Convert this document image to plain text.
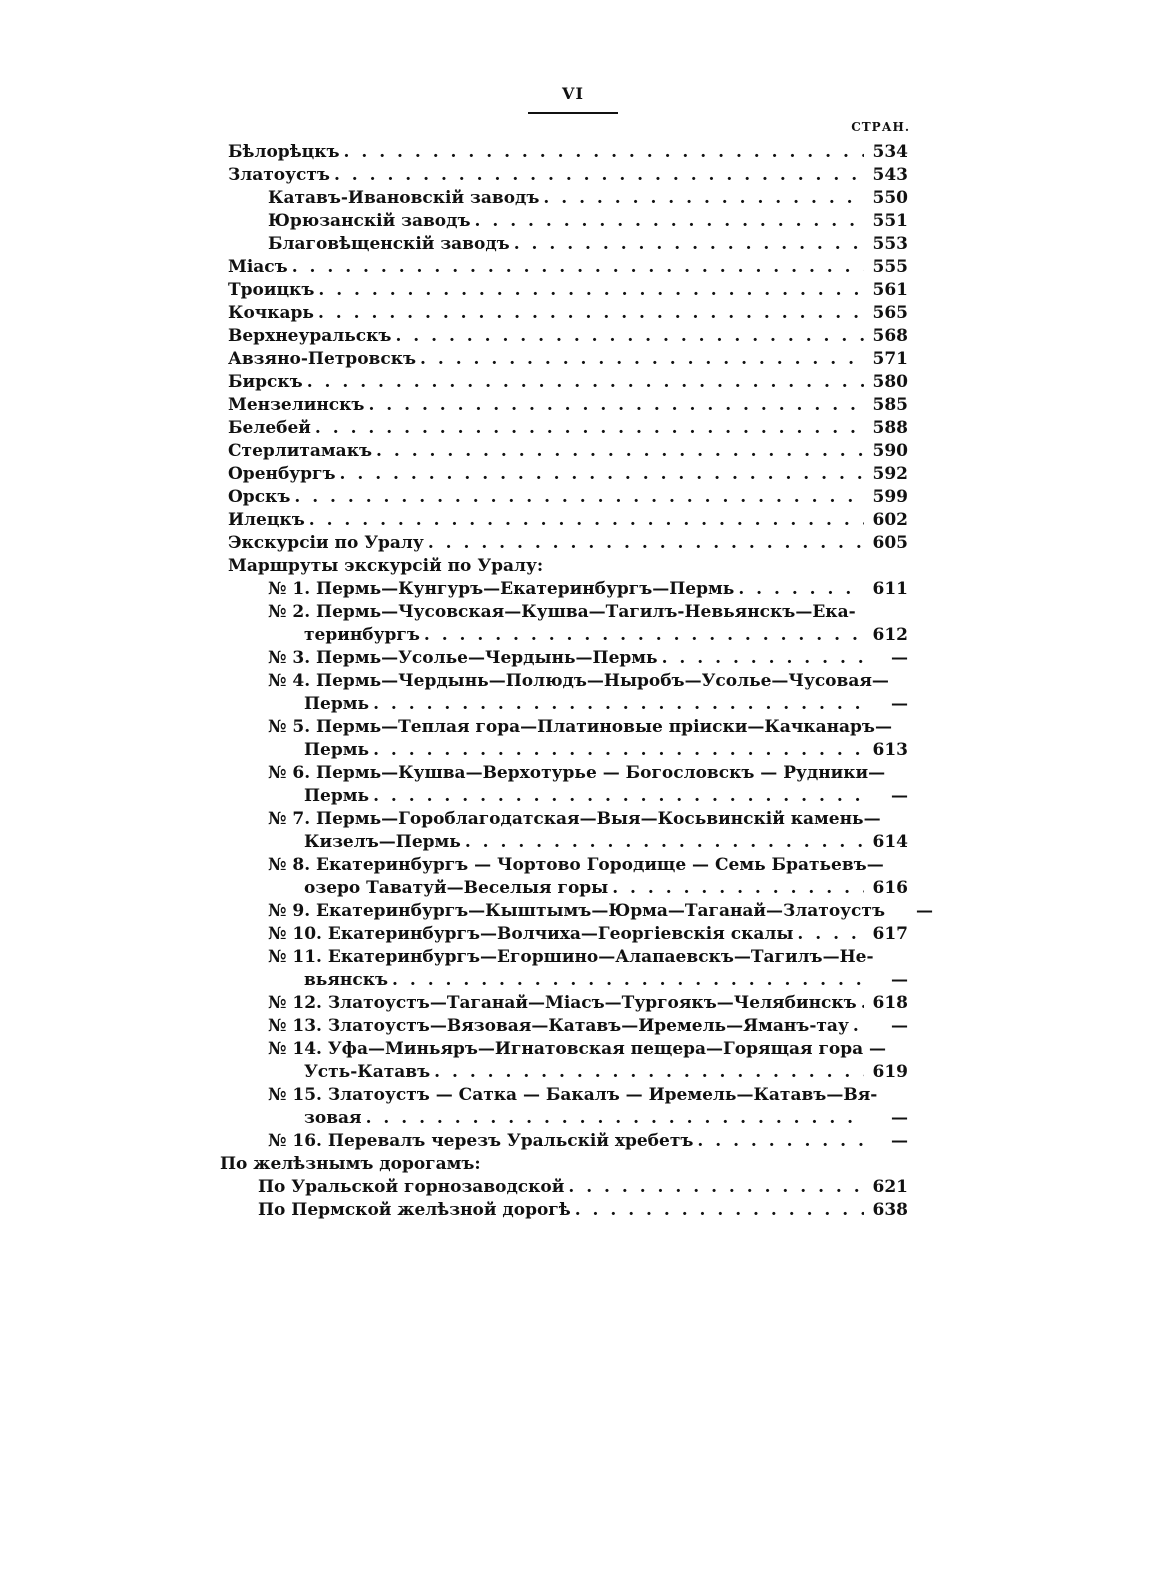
VI
СТРАН.
Бѣлорѣцкъ . . .	534
Златоустъ . . .	543
Катавъ-Ивановскій заводъ . . .	550
Юрюзанскій заводъ . . .	551
Благовѣщенскій заводъ . . .	553
Міасъ . . .	555
Троицкъ . . .	561
Кочкарь . . .	565
Верхнеуральскъ . . .	568
Авзяно-Петровскъ . . .	571
Бирскъ . . .	580
Мензелинскъ . . .	585
Белебей . . .	588
Стерлитамакъ . . .	590
Оренбургъ . . .	592
Орскъ . . .	599
Илецкъ . . .	602
Экскурсіи по Уралу . . .	605
Маршруты экскурсій по Уралу:
№ 1. Пермь—Кунгуръ—Екатеринбургъ—Пермь . . .	611
№ 2. Пермь—Чусовская—Кушва—Тагилъ-Невьянскъ—Ека-
теринбургъ . . .	612
№ 3. Пермь—Усолье—Чердынь—Пермь . . .	—
№ 4. Пермь—Чердынь—Полюдъ—Ныробъ—Усолье—Чусовая—
Пермь . . .	—
№ 5. Пермь—Теплая гора—Платиновые пріиски—Качканаръ—
Пермь . . .	613
№ 6. Пермь—Кушва—Верхотурье — Богословскъ — Рудники—
Пермь . . .	—
№ 7. Пермь—Гороблагодатская—Выя—Косьвинскій камень—
Кизелъ—Пермь . . .	614
№ 8. Екатеринбургъ — Чортово Городище — Семь Братьевъ—
озеро Таватуй—Веселыя горы . . .	616
№ 9. Екатеринбургъ—Кыштымъ—Юрма—Таганай—Златоустъ	—
№ 10. Екатеринбургъ—Волчиха—Георгіевскія скалы . . .	617
№ 11. Екатеринбургъ—Егоршино—Алапаевскъ—Тагилъ—Не-
вьянскъ . . .	—
№ 12. Златоустъ—Таганай—Міасъ—Тургоякъ—Челябинскъ . . . 618
№ 13. Златоустъ—Вязовая—Катавъ—Иремель—Яманъ-тау . . .	—
№ 14. Уфа—Миньяръ—Игнатовская пещера—Горящая гора —
Усть-Катавъ . . .	619
№ 15. Златоустъ — Сатка — Бакалъ — Иремель—Катавъ—Вя-
зовая . . .	—
№ 16. Перевалъ черезъ Уральскій хребетъ . . .	—
По желѣзнымъ дорогамъ:
По Уральской горнозаводской . . .	621
По Пермской желѣзной дорогѣ . . .	638
